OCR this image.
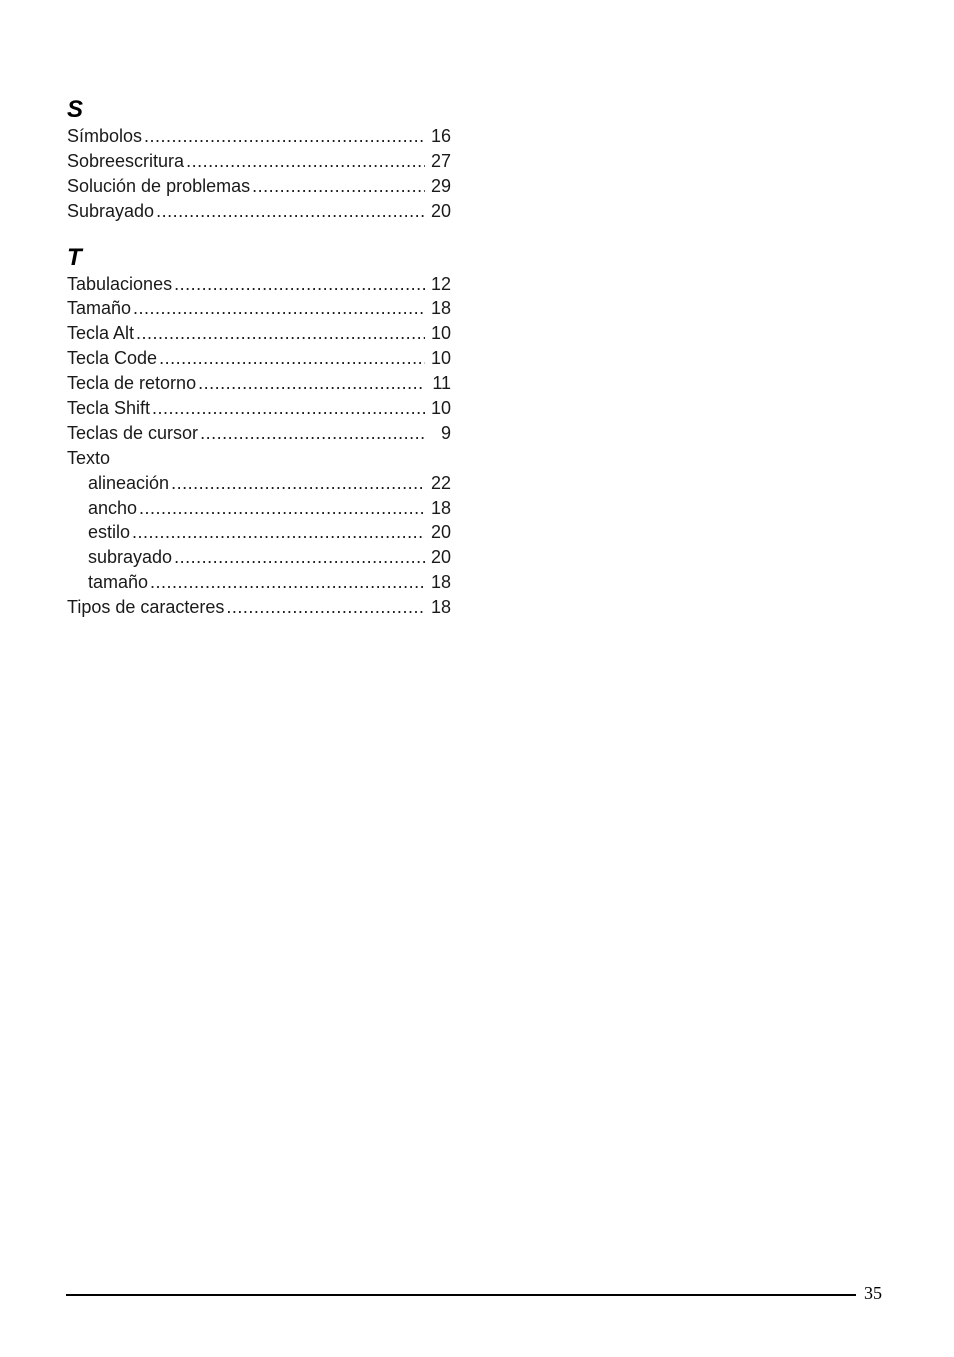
S
Símbolos .....	16
Sobreescritura .....	27
Solución de problemas .....	29
Subrayado .....	20
T
Tabulaciones .....	12
Tamaño .....	18
Tecla Alt .....	10
Tecla Code .....	10
Tecla de retorno .....	11
Tecla Shift .....	10
Teclas de cursor .....	9
Texto
alineación .....	22
ancho .....	18
estilo .....	20
subrayado .....	20
tamaño .....	18
Tipos de caracteres .....	18
35
